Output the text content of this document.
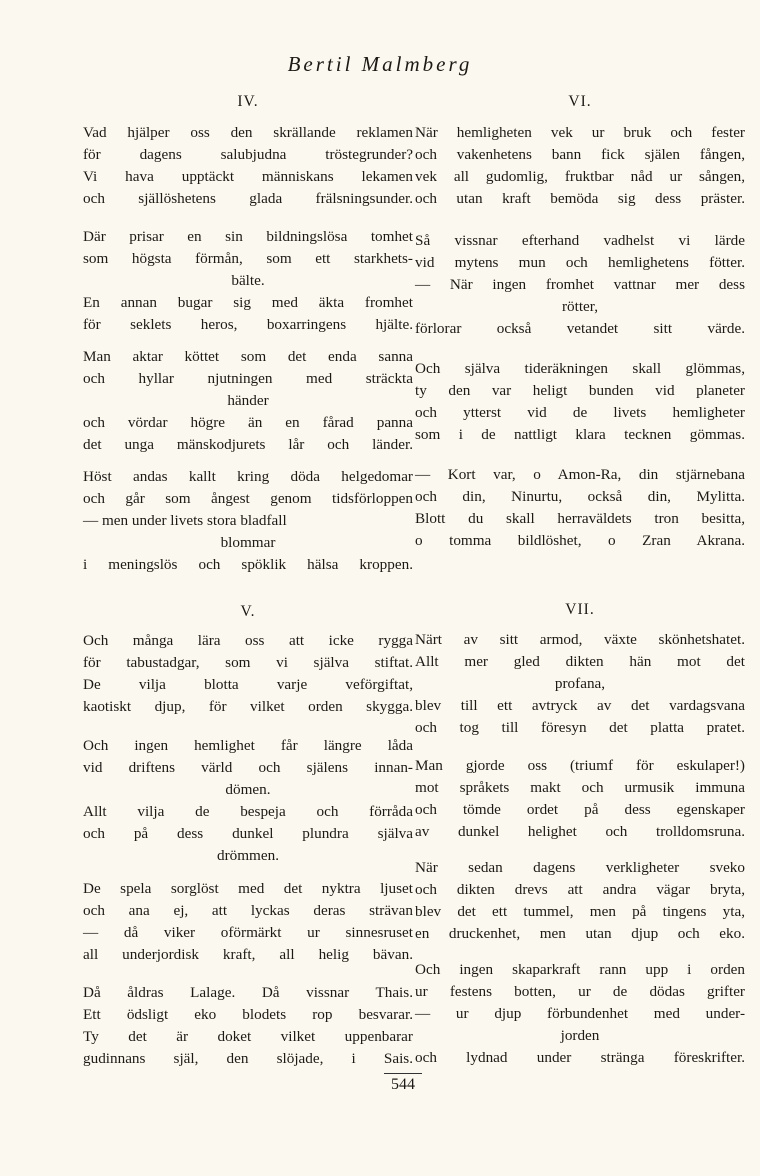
Bertil Malmberg
IV.
Vad hjälper oss den skrällande reklamen
för dagens salubjudna tröstegrunder?
Vi hava upptäckt människans lekamen
och själlöshetens glada frälsningsunder.
Där prisar en sin bildningslösa tomhet
som högsta förmån, som ett starkhets-
bälte.
En annan bugar sig med äkta fromhet
för seklets heros, boxarringens hjälte.
Man aktar köttet som det enda sanna
och hyllar njutningen med sträckta
händer
och vördar högre än en fårad panna
det unga mänskodjurets lår och länder.
Höst andas kallt kring döda helgedomar
och går som ångest genom tidsförloppen
— men under livets stora bladfall
blommar
i meningslös och spöklik hälsa kroppen.
V.
Och många lära oss att icke rygga
för tabustadgar, som vi själva stiftat.
De vilja blotta varje veförgiftat,
kaotiskt djup, för vilket orden skygga.
Och ingen hemlighet får längre låda
vid driftens värld och själens innan-
dömen.
Allt vilja de bespeja och förråda
och på dess dunkel plundra själva
drömmen.
De spela sorglöst med det nyktra ljuset
och ana ej, att lyckas deras strävan
— då viker oförmärkt ur sinnesruset
all underjordisk kraft, all helig bävan.
Då åldras Lalage. Då vissnar Thais.
Ett ödsligt eko blodets rop besvarar.
Ty det är doket vilket uppenbarar
gudinnans själ, den slöjade, i Sais.
VI.
När hemligheten vek ur bruk och fester
och vakenhetens bann fick själen fången,
vek all gudomlig, fruktbar nåd ur sången,
och utan kraft bemöda sig dess präster.
Så vissnar efterhand vadhelst vi lärde
vid mytens mun och hemlighetens fötter.
— När ingen fromhet vattnar mer dess
rötter,
förlorar också vetandet sitt värde.
Och själva tideräkningen skall glömmas,
ty den var heligt bunden vid planeter
och ytterst vid de livets hemligheter
som i de nattligt klara tecknen gömmas.
— Kort var, o Amon-Ra, din stjärnebana
och din, Ninurtu, också din, Mylitta.
Blott du skall herraväldets tron besitta,
o tomma bildlöshet, o Zran Akrana.
VII.
Närt av sitt armod, växte skönhetshatet.
Allt mer gled dikten hän mot det
profana,
blev till ett avtryck av det vardagsvana
och tog till föresyn det platta pratet.
Man gjorde oss (triumf för eskulaper!)
mot språkets makt och urmusik immuna
och tömde ordet på dess egenskaper
av dunkel helighet och trolldomsruna.
När sedan dagens verkligheter sveko
och dikten drevs att andra vägar bryta,
blev det ett tummel, men på tingens yta,
en druckenhet, men utan djup och eko.
Och ingen skaparkraft rann upp i orden
ur festens botten, ur de dödas grifter
— ur djup förbundenhet med under-
jorden
och lydnad under stränga föreskrifter.
544
